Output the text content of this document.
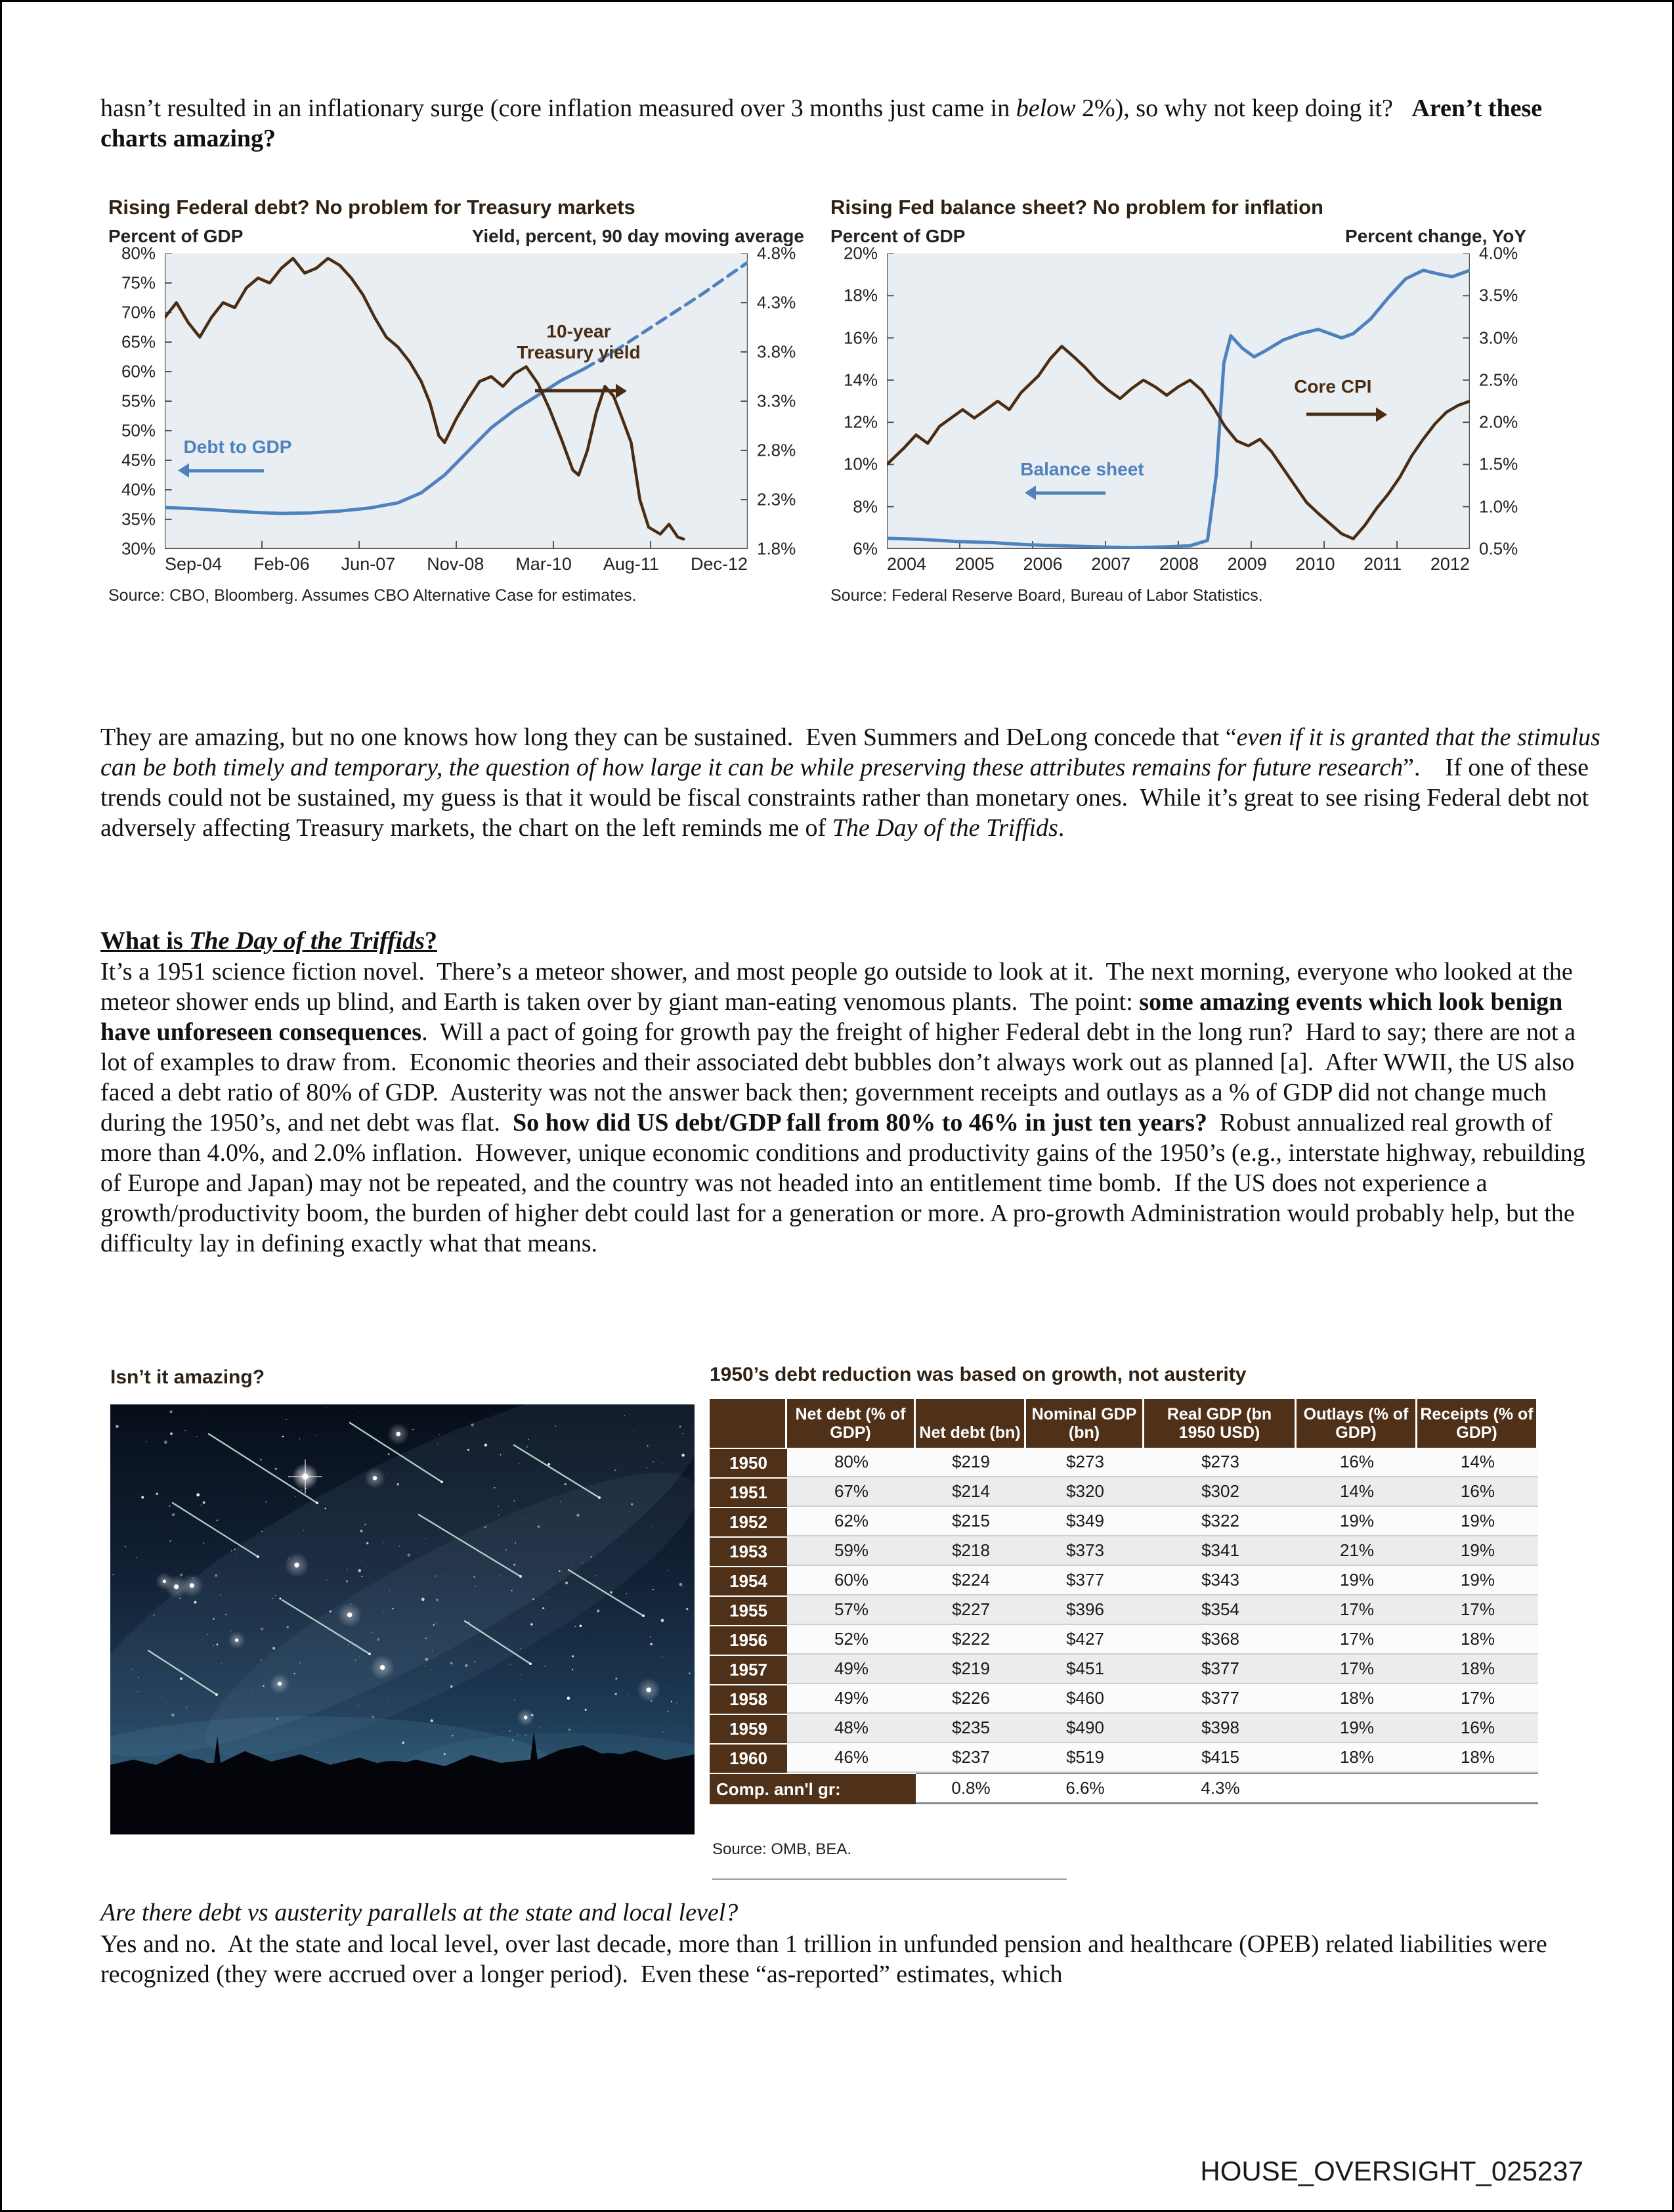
hasn’t resulted in an inflationary surge (core inflation measured over 3 months just came in below 2%), so why not keep doing it?   Aren’t these charts amazing?

Rising Federal debt? No problem for Treasury markets
Percent of GDP	Yield, percent, 90 day moving average
80%
75%
70%
65%
60%
55%
50%
45%
40%
35%
30%
10-year
Treasury yield
Debt to GDP
4.8%
4.3%
3.8%
3.3%
2.8%
2.3%
1.8%
Sep-04 Feb-06 Jun-07 Nov-08 Mar-10 Aug-11 Dec-12
Source: CBO, Bloomberg. Assumes CBO Alternative Case for estimates.
Rising Fed balance sheet? No problem for inflation
Percent of GDP	Percent change, YoY
20%
18%
16%
14%
12%
10%
8%
6%
Core CPI
Balance sheet
4.0%
3.5%
3.0%
2.5%
2.0%
1.5%
1.0%
0.5%
2004 2005 2006 2007 2008 2009 2010 2011 2012
Source: Federal Reserve Board, Bureau of Labor Statistics.

They are amazing, but no one knows how long they can be sustained.  Even Summers and DeLong concede that “even if it is granted that the stimulus can be both timely and temporary, the question of how large it can be while preserving these attributes remains for future research”.    If one of these trends could not be sustained, my guess is that it would be fiscal constraints rather than monetary ones.  While it’s great to see rising Federal debt not adversely affecting Treasury markets, the chart on the left reminds me of The Day of the Triffids.

What is The Day of the Triffids?

It’s a 1951 science fiction novel.  There’s a meteor shower, and most people go outside to look at it.  The next morning, everyone who looked at the meteor shower ends up blind, and Earth is taken over by giant man-eating venomous plants.  The point: some amazing events which look benign have unforeseen consequences.  Will a pact of going for growth pay the freight of higher Federal debt in the long run?  Hard to say; there are not a lot of examples to draw from.  Economic theories and their associated debt bubbles don’t always work out as planned [a].  After WWII, the US also faced a debt ratio of 80% of GDP.  Austerity was not the answer back then; government receipts and outlays as a % of GDP did not change much during the 1950’s, and net debt was flat.  So how did US debt/GDP fall from 80% to 46% in just ten years?  Robust annualized real growth of more than 4.0%, and 2.0% inflation.  However, unique economic conditions and productivity gains of the 1950’s (e.g., interstate highway, rebuilding of Europe and Japan) may not be repeated, and the country was not headed into an entitlement time bomb.  If the US does not experience a growth/productivity boom, the burden of higher debt could last for a generation or more. A pro-growth Administration would probably help, but the difficulty lay in defining exactly what that means.

Isn’t it amazing?	1950’s debt reduction was based on growth, not austerity
	Net debt (% of GDP)	Net debt (bn)	Nominal GDP (bn)	Real GDP (bn 1950 USD)	Outlays (% of GDP)	Receipts (% of GDP)
1950	80%	$219	$273	$273	16%	14%
1951	67%	$214	$320	$302	14%	16%
1952	62%	$215	$349	$322	19%	19%
1953	59%	$218	$373	$341	21%	19%
1954	60%	$224	$377	$343	19%	19%
1955	57%	$227	$396	$354	17%	17%
1956	52%	$222	$427	$368	17%	18%
1957	49%	$219	$451	$377	17%	18%
1958	49%	$226	$460	$377	18%	17%
1959	48%	$235	$490	$398	19%	16%
1960	46%	$237	$519	$415	18%	18%
Comp. ann'l gr:		0.8%	6.6%	4.3%		
Source: OMB, BEA.

Are there debt vs austerity parallels at the state and local level?

Yes and no.  At the state and local level, over last decade, more than 1 trillion in unfunded pension and healthcare (OPEB) related liabilities were recognized (they were accrued over a longer period).  Even these “as-reported” estimates, which

HOUSE_OVERSIGHT_025237
